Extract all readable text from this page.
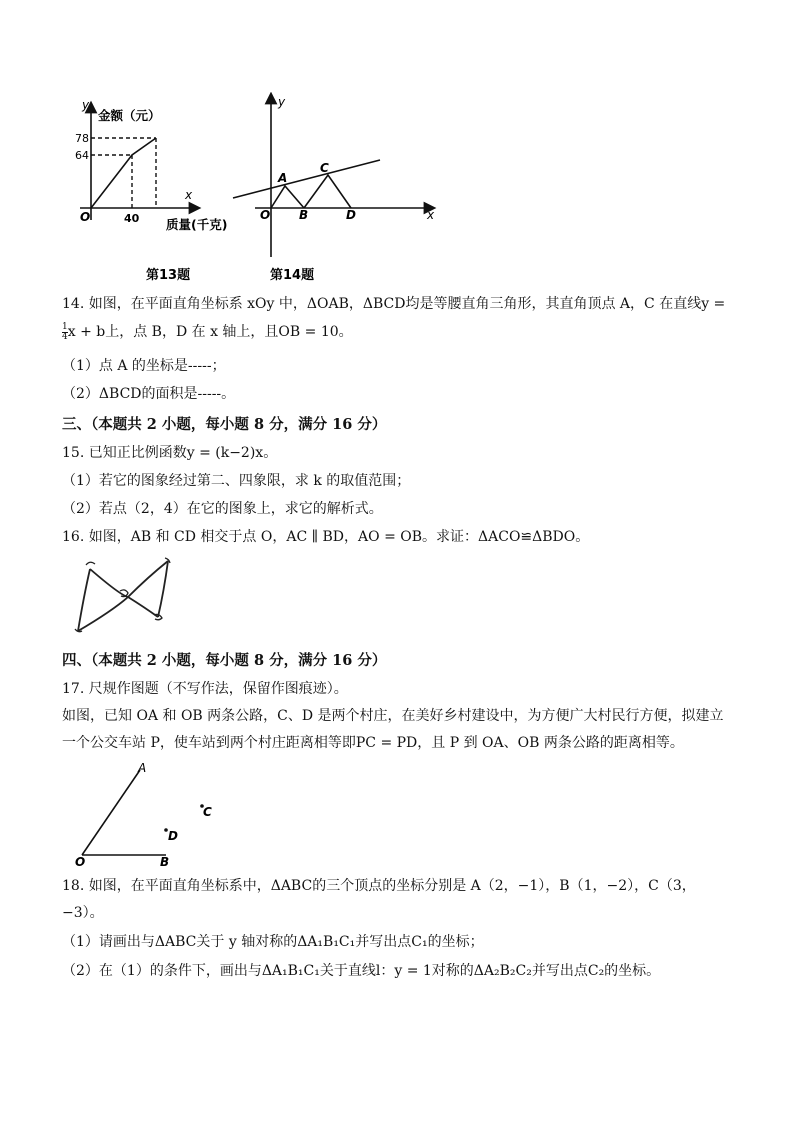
y
金额（元）
78
64
O	40
x
质量(千克)
第13题
y
x
O
A
B
C
D
第14题
14. 如图，在平面直角坐标系 xOy 中，ΔOAB，ΔBCD均是等腰直角三角形，其直角顶点 A，C 在直线y =
$\frac{1}{4}$ x + b上，点 B，D 在 x 轴上，且OB = 10。
（1）点 A 的坐标是-----；
（2）ΔBCD的面积是-----。
三、（本题共 2 小题，每小题 8 分，满分 16 分）
15. 已知正比例函数y = (k−2)x。
（1）若它的图象经过第二、四象限，求 k 的取值范围；
（2）若点（2，4）在它的图象上，求它的解析式。
16. 如图，AB 和 CD 相交于点 O，AC ∥ BD，AO = OB。求证：ΔACO≌ΔBDO。
四、（本题共 2 小题，每小题 8 分，满分 16 分）
17. 尺规作图题（不写作法，保留作图痕迹）。
如图，已知 OA 和 OB 两条公路，C、D 是两个村庄，在美好乡村建设中，为方便广大村民行方便，拟建立
一个公交车站 P，使车站到两个村庄距离相等即PC = PD，且 P 到 OA、OB 两条公路的距离相等。
A
C
D
O	B
18. 如图，在平面直角坐标系中，ΔABC的三个顶点的坐标分别是 A（2，−1），B（1，−2），C（3，
−3）。
（1）请画出与ΔABC关于 y 轴对称的ΔA₁B₁C₁并写出点C₁的坐标；
（2）在（1）的条件下，画出与ΔA₁B₁C₁关于直线l：y = 1对称的ΔA₂B₂C₂并写出点C₂的坐标。
